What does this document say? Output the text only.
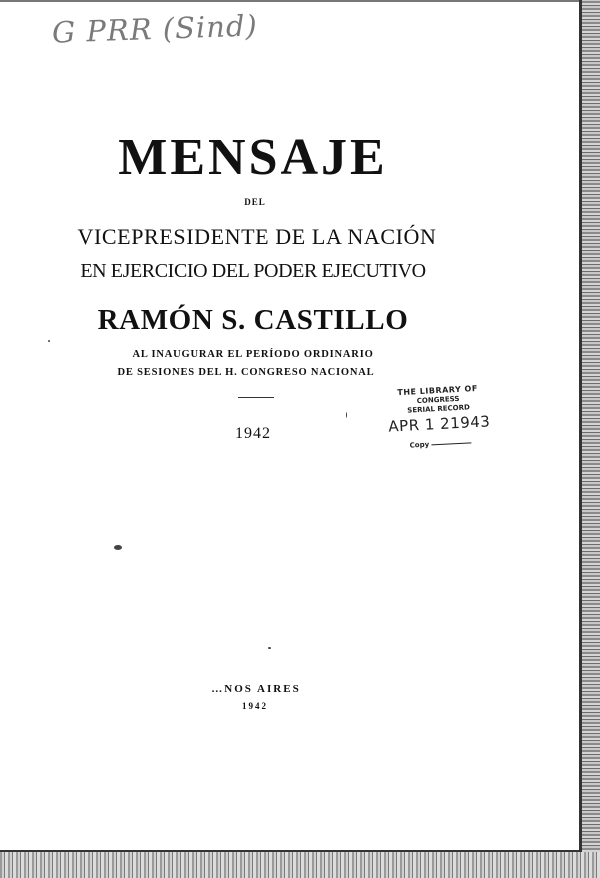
G PRR (Sind)
MENSAJE
DEL
VICEPRESIDENTE DE LA NACIÓN
EN EJERCICIO DEL PODER EJECUTIVO
RAMÓN S. CASTILLO
AL INAUGURAR EL PERÍODO ORDINARIO
DE SESIONES DEL H. CONGRESO NACIONAL
1942
THE LIBRARY OF
CONGRESS
SERIAL RECORD
APR 1 21943
Copy
…NOS AIRES
1942
